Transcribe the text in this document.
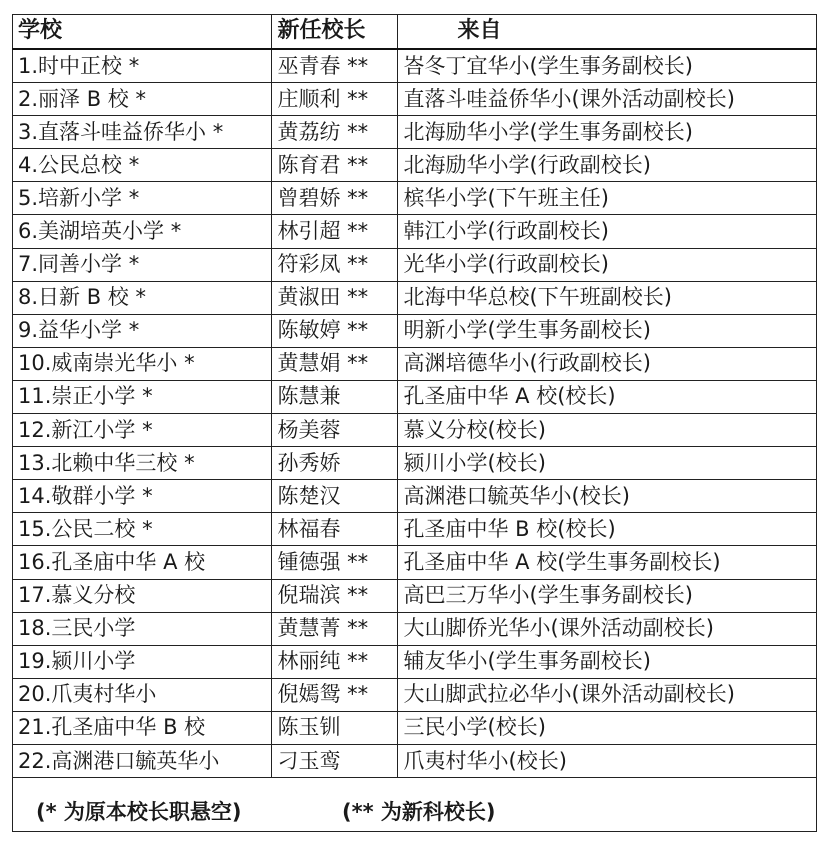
学校	新任校长	来自
1.时中正校 *	巫青春 **	峇冬丁宜华小(学生事务副校长)
2.丽泽 B 校 *	庄顺利 **	直落斗哇益侨华小(课外活动副校长)
3.直落斗哇益侨华小 *	黄荔纺 **	北海励华小学(学生事务副校长)
4.公民总校 *	陈育君 **	北海励华小学(行政副校长)
5.培新小学 *	曾碧娇 **	槟华小学(下午班主任)
6.美湖培英小学 *	林引超 **	韩江小学(行政副校长)
7.同善小学 *	符彩凤 **	光华小学(行政副校长)
8.日新 B 校 *	黄淑田 **	北海中华总校(下午班副校长)
9.益华小学 *	陈敏婷 **	明新小学(学生事务副校长)
10.威南崇光华小 *	黄慧娟 **	高渊培德华小(行政副校长)
11.崇正小学 *	陈慧兼	孔圣庙中华 A 校(校长)
12.新江小学 *	杨美蓉	慕义分校(校长)
13.北赖中华三校 *	孙秀娇	颍川小学(校长)
14.敬群小学 *	陈楚汉	高渊港口毓英华小(校长)
15.公民二校 *	林福春	孔圣庙中华 B 校(校长)
16.孔圣庙中华 A 校	锺德强 **	孔圣庙中华 A 校(学生事务副校长)
17.慕义分校	倪瑞滨 **	高巴三万华小(学生事务副校长)
18.三民小学	黄慧菁 **	大山脚侨光华小(课外活动副校长)
19.颍川小学	林丽纯 **	辅友华小(学生事务副校长)
20.爪夷村华小	倪嫣鸳 **	大山脚武拉必华小(课外活动副校长)
21.孔圣庙中华 B 校	陈玉钏	三民小学(校长)
22.高渊港口毓英华小	刁玉鸾	爪夷村华小(校长)
(* 为原本校长职悬空)	(** 为新科校长)
